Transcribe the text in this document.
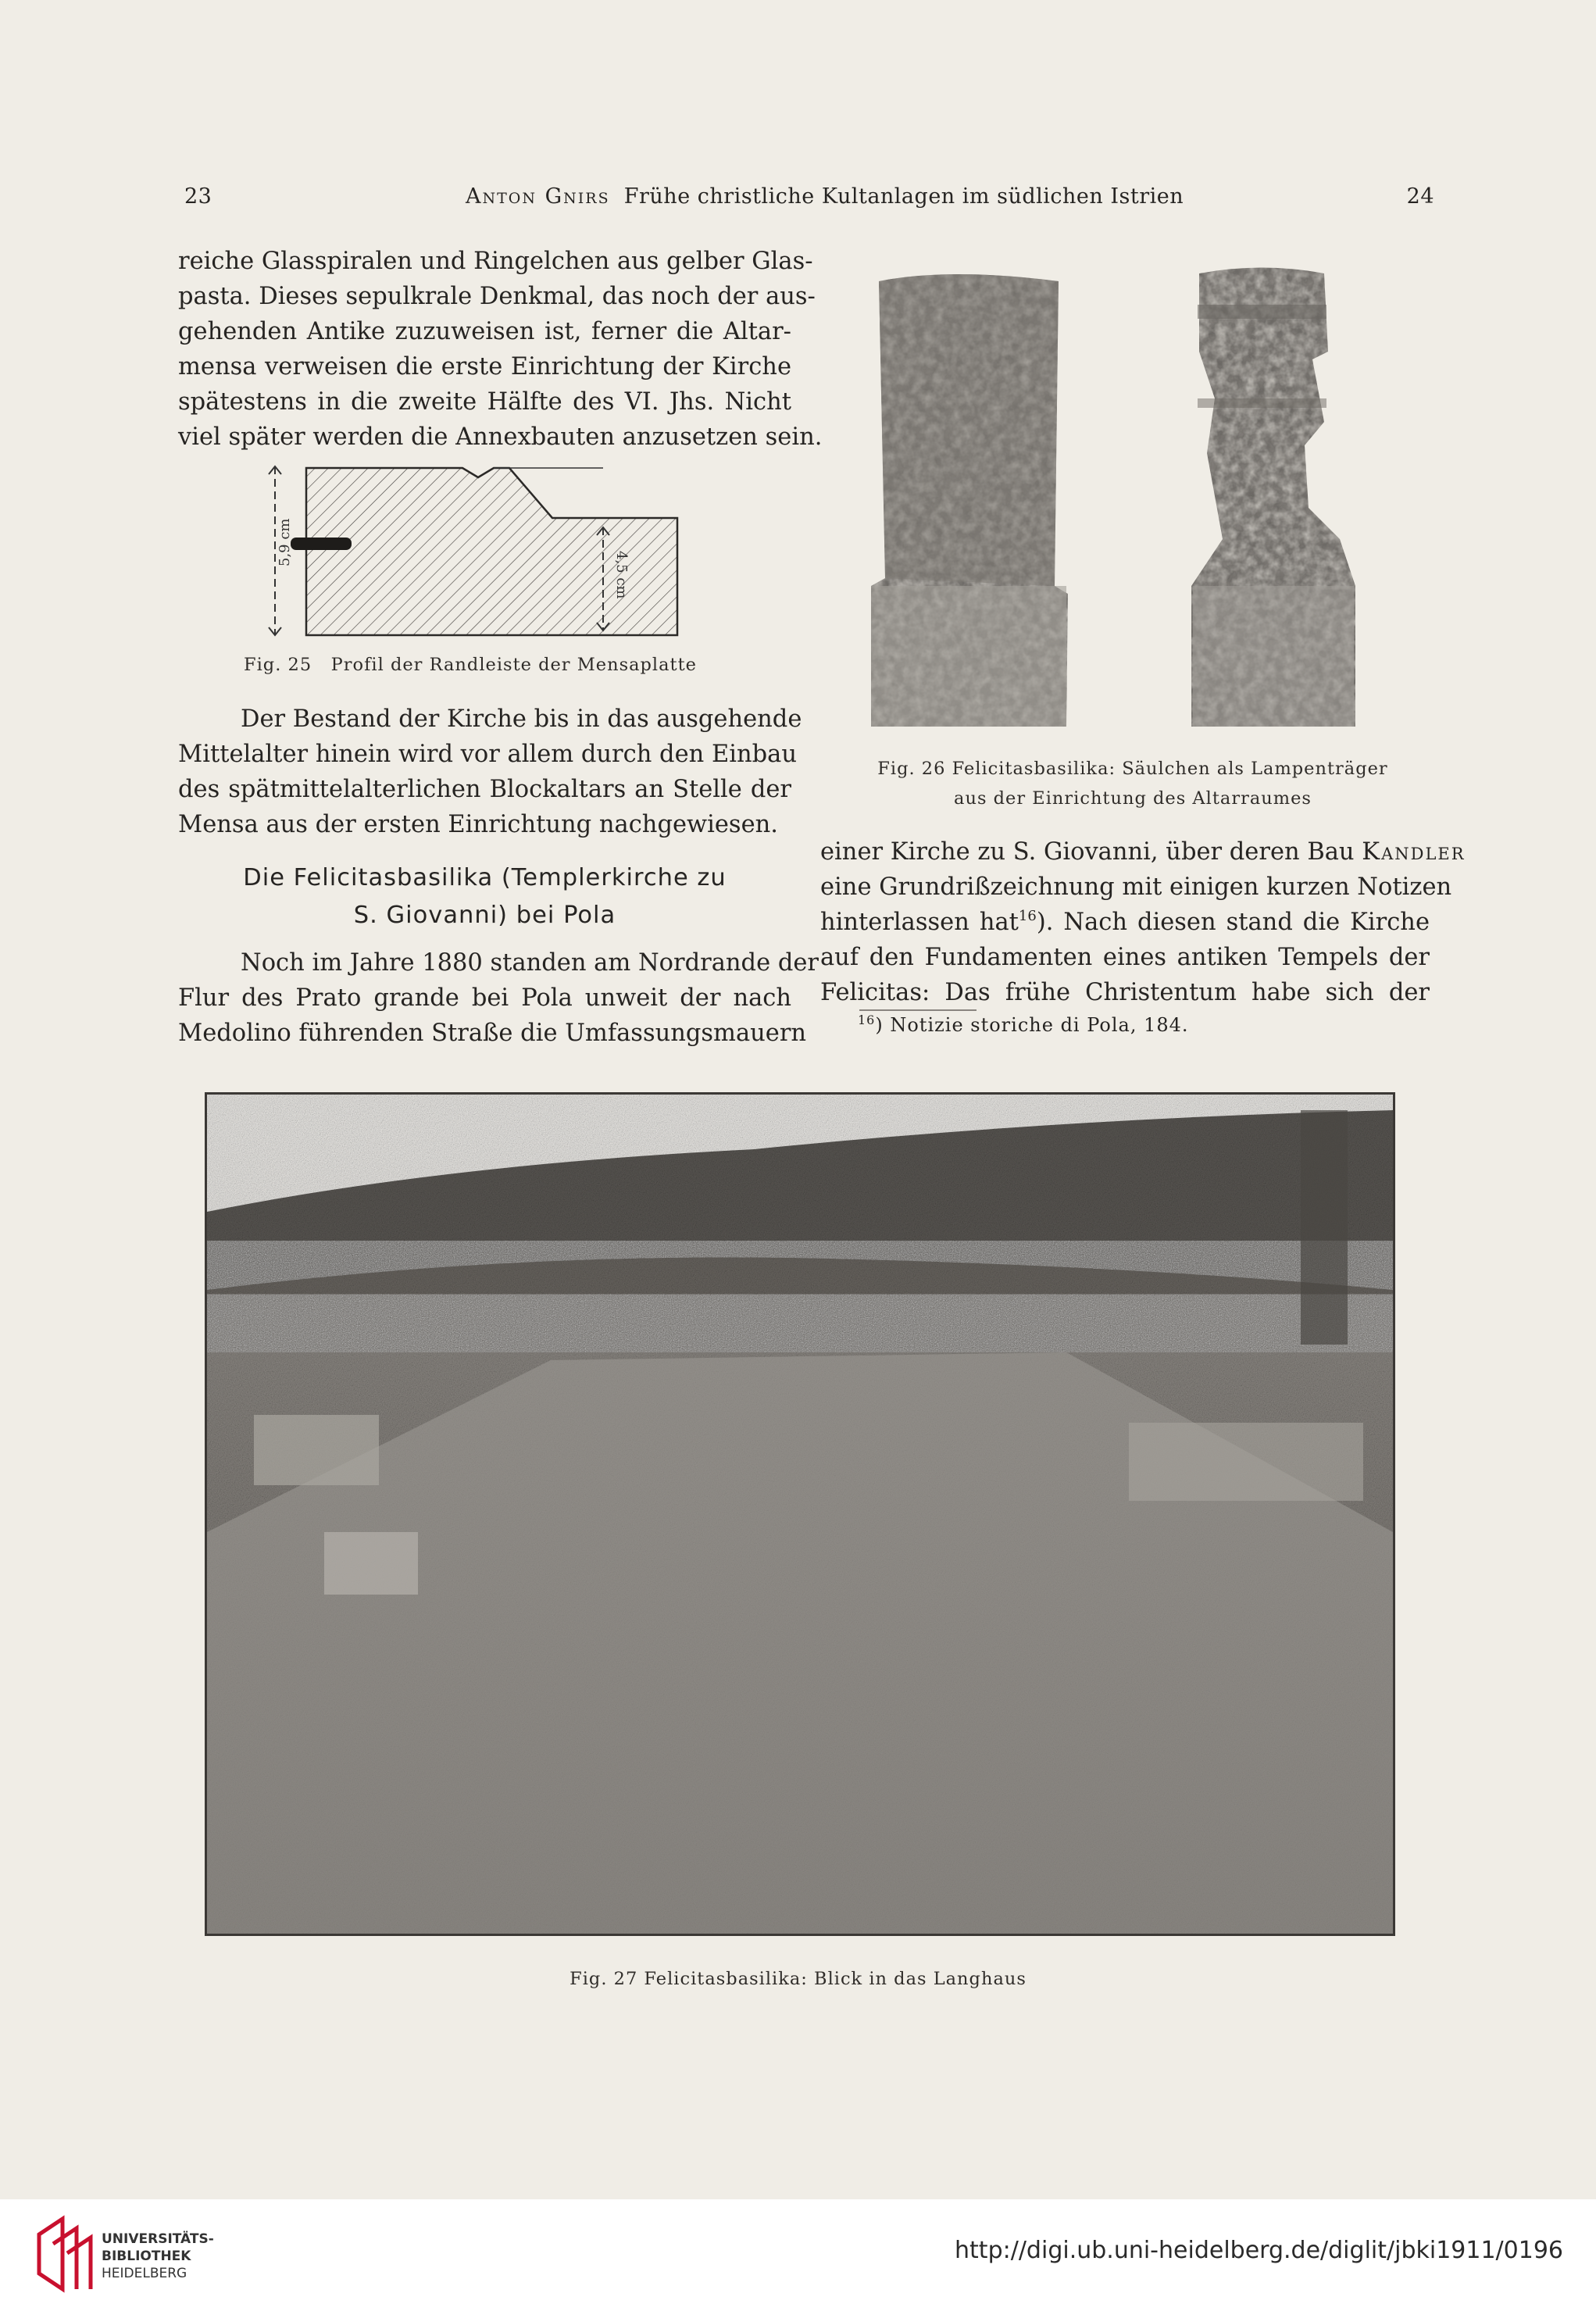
23	Anton Gnirs Frühe christliche Kultanlagen im südlichen Istrien	24

reiche Glasspiralen und Ringelchen aus gelber Glas-
pasta. Dieses sepulkrale Denkmal, das noch der aus-
gehenden Antike zuzuweisen ist, ferner die Altar-
mensa verweisen die erste Einrichtung der Kirche
spätestens in die zweite Hälfte des VI. Jhs. Nicht
viel später werden die Annexbauten anzusetzen sein.

5,9 cm
4,5 cm
Fig. 25 Profil der Randleiste der Mensaplatte

Der Bestand der Kirche bis in das ausgehende
Mittelalter hinein wird vor allem durch den Einbau
des spätmittelalterlichen Blockaltars an Stelle der
Mensa aus der ersten Einrichtung nachgewiesen.

Die Felicitasbasilika (Templerkirche zu
S. Giovanni) bei Pola

Noch im Jahre 1880 standen am Nordrande der
Flur des Prato grande bei Pola unweit der nach
Medolino führenden Straße die Umfassungsmauern

Fig. 26 Felicitasbasilika: Säulchen als Lampenträger
aus der Einrichtung des Altarraumes

einer Kirche zu S. Giovanni, über deren Bau Kandler
eine Grundrißzeichnung mit einigen kurzen Notizen
hinterlassen hat$^{16}$). Nach diesen stand die Kirche
auf den Fundamenten eines antiken Tempels der
Felicitas: Das frühe Christentum habe sich der

$^{16}$) Notizie storiche di Pola, 184.
Fig. 27 Felicitasbasilika: Blick in das Langhaus
UNIVERSITÄTS-
BIBLIOTHEK
HEIDELBERG
http://digi.ub.uni-heidelberg.de/diglit/jbki1911/0196
